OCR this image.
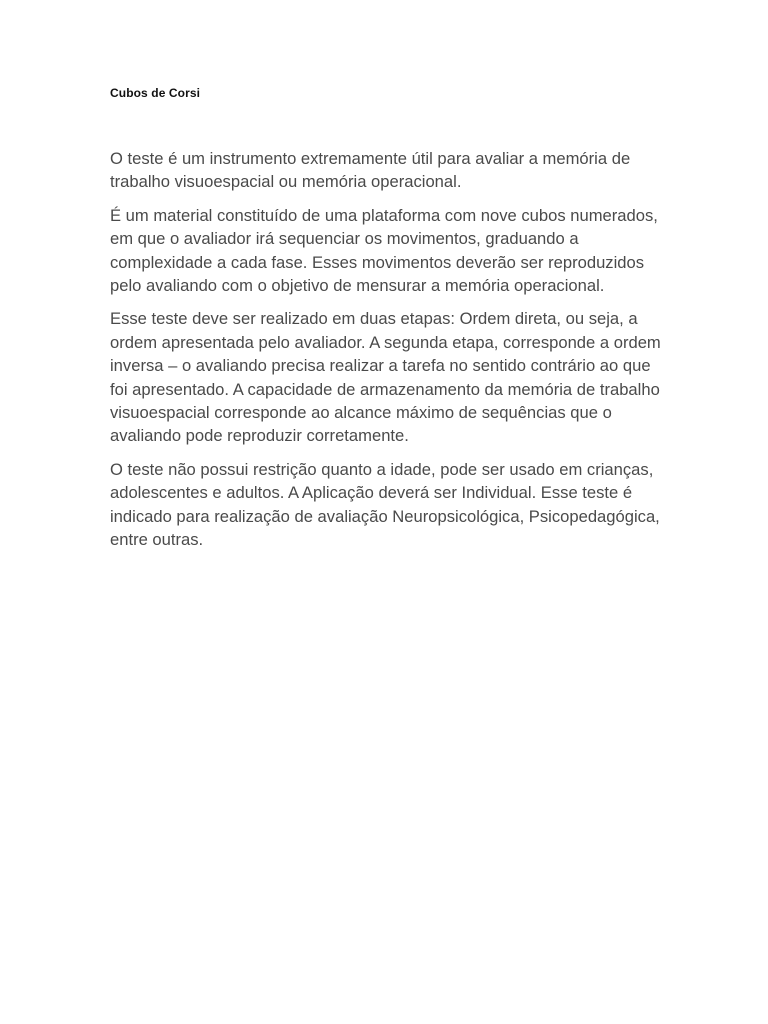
Cubos de Corsi

O teste é um instrumento extremamente útil para avaliar a memória de trabalho visuoespacial ou memória operacional.

É um material constituído de uma plataforma com nove cubos numerados, em que o avaliador irá sequenciar os movimentos, graduando a complexidade a cada fase. Esses movimentos deverão ser reproduzidos pelo avaliando com o objetivo de mensurar a memória operacional.

Esse teste deve ser realizado em duas etapas: Ordem direta, ou seja, a ordem apresentada pelo avaliador. A segunda etapa, corresponde a ordem inversa – o avaliando precisa realizar a tarefa no sentido contrário ao que foi apresentado. A capacidade de armazenamento da memória de trabalho visuoespacial corresponde ao alcance máximo de sequências que o avaliando pode reproduzir corretamente.

O teste não possui restrição quanto a idade, pode ser usado em crianças, adolescentes e adultos. A Aplicação deverá ser Individual. Esse teste é indicado para realização de avaliação Neuropsicológica, Psicopedagógica, entre outras.
